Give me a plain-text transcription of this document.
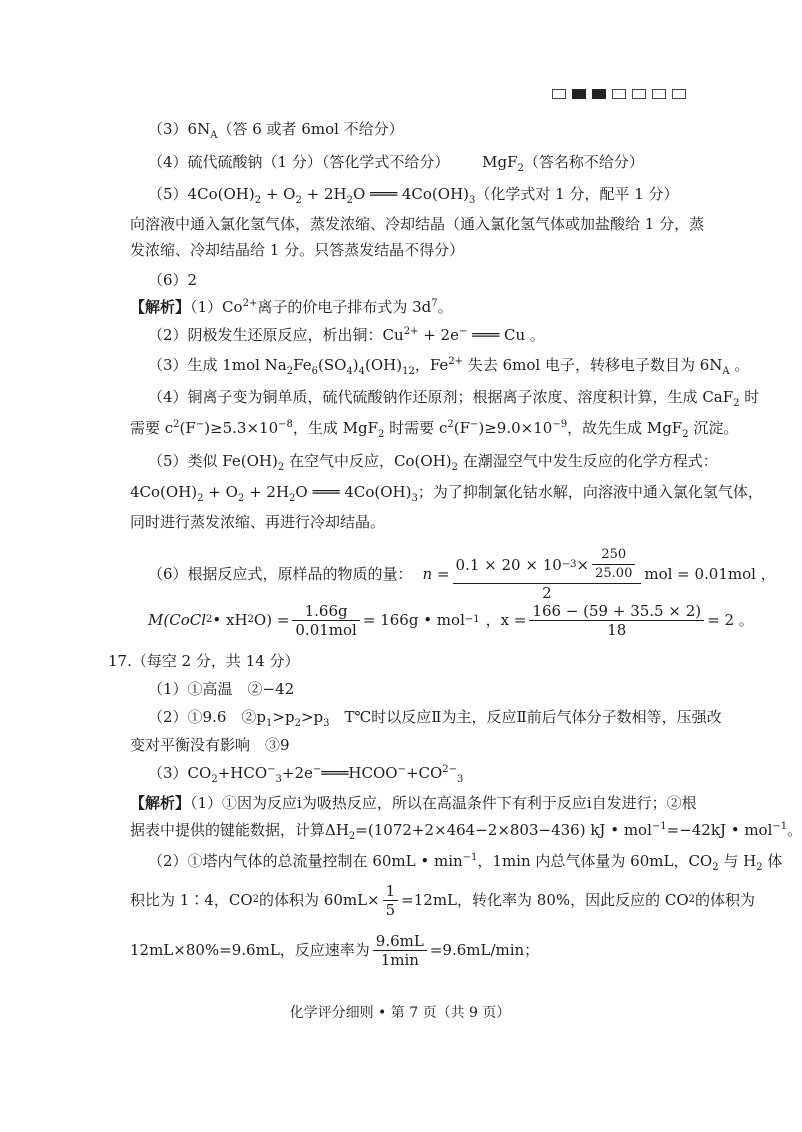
$(3)6N_A$（答 6 或者 6mol 不给分）
（4）硫代硫酸钠（1 分）（答化学式不给分） MgF$_2$（答名称不给分）
$(5)4Co(OH)_2 + O_2 + 2H_2O$ ═══ $4Co(OH)_3$（化学式对 1 分，配平 1 分）
向溶液中通入氯化氢气体，蒸发浓缩、冷却结晶（通入氯化氢气体或加盐酸给 1 分，蒸
发浓缩、冷却结晶给 1 分。只答蒸发结晶不得分）
（6）2
【解析】$(1)Co^{2+}$离子的价电子排布式为 $3d^7$。
（2）阴极发生还原反应，析出铜：$Cu^{2+} + 2e^-$ ═══ Cu 。
（3）生成 1mol $Na_2Fe_6(SO_4)_4(OH)_{12}$，$Fe^{2+}$ 失去 6mol 电子，转移电子数目为 $6N_A$ 。
（4）铜离子变为铜单质，硫代硫酸钠作还原剂；根据离子浓度、溶度积计算，生成 CaF$_2$ 时
需要 $c^2(F^-)\ge 5.3\times 10^{-8}$，生成 MgF$_2$ 时需要 $c^2(F^-)\ge 9.0\times 10^{-9}$，故先生成 MgF$_2$ 沉淀。
（5）类似 $Fe(OH)_2$ 在空气中反应，$Co(OH)_2$ 在潮湿空气中发生反应的化学方程式：
$4Co(OH)_2 + O_2 + 2H_2O$ ═══ $4Co(OH)_3$；为了抑制氯化钴水解，向溶液中通入氯化氢气体，
同时进行蒸发浓缩、再进行冷却结晶。
（6）根据反应式，原样品的物质的量： $n = \frac{0.1 \times 20 \times 10 -3 \times \frac{250}{25.00}}{2}$ mol = 0.01mol ，
M(CoCl 2 • xH 2 $O) = \frac{1.66g}{\text{0.01mol}} = 166g$ • mol −1 ，$x = \frac{166 - (59 + 35.5 \times 2)}{18} = 2$ 。
17.（每空 2 分，共 14 分）
（1）①高温　②−42
（2）①9.6　$②p_1>p_2>p_3$　T℃时以反应Ⅱ为主，反应Ⅱ前后气体分子数相等，压强改
变对平衡没有影响　③9
$(3)CO_2+HCO^-_3+2e^-═══HCOO^-+CO^{2-}_3$
【解析】（1）①因为反应ⅰ为吸热反应，所以在高温条件下有利于反应ⅰ自发进行；②根
据表中提供的键能数据，计算$\Delta H_2=(1072+2\times 464-2\times 803-436)$ kJ • mol$^{-1}$=−42kJ • mol$^{-1}$。
（2）①塔内气体的总流量控制在 60mL • $\min^{-1}$，1min 内总气体量为 60mL，$CO_2$ 与 $H_2$ 体
积比为 1∶4，CO 2 的体积为 $60mL\times \frac{1}{5} =12mL$，转化率为 80%，因此反应的 CO 2 的体积为
12mL×80%=9.6mL，反应速率为 $\frac{9.6mL}{1\min} =9.6mL/\min$；
化学评分细则 • 第 7 页（共 9 页）
